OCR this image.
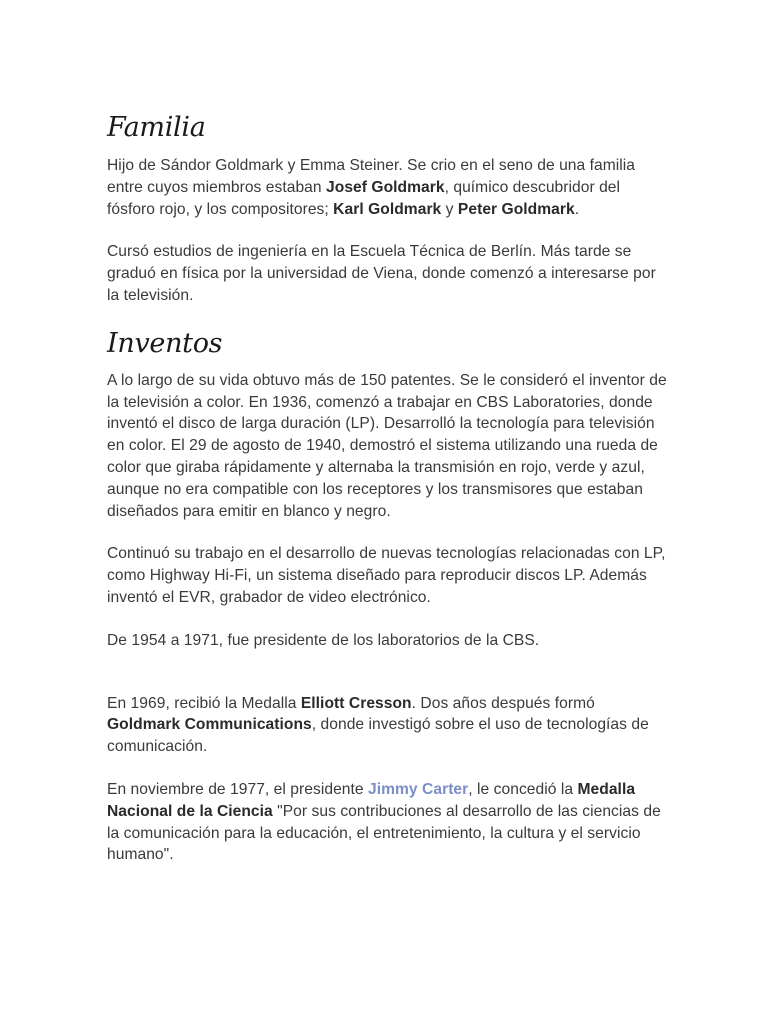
Familia

Hijo de Sándor Goldmark y Emma Steiner. Se crio en el seno de una familia entre cuyos miembros estaban Josef Goldmark, químico descubridor del fósforo rojo, y los compositores; Karl Goldmark y Peter Goldmark.

Cursó estudios de ingeniería en la Escuela Técnica de Berlín. Más tarde se graduó en física por la universidad de Viena, donde comenzó a interesarse por la televisión.

Inventos

A lo largo de su vida obtuvo más de 150 patentes. Se le consideró el inventor de la televisión a color. En 1936, comenzó a trabajar en CBS Laboratories, donde inventó el disco de larga duración (LP). Desarrolló la tecnología para televisión en color. El 29 de agosto de 1940, demostró el sistema utilizando una rueda de color que giraba rápidamente y alternaba la transmisión en rojo, verde y azul, aunque no era compatible con los receptores y los transmisores que estaban diseñados para emitir en blanco y negro.

Continuó su trabajo en el desarrollo de nuevas tecnologías relacionadas con LP, como Highway Hi-Fi, un sistema diseñado para reproducir discos LP. Además inventó el EVR, grabador de video electrónico.

De 1954 a 1971, fue presidente de los laboratorios de la CBS.

En 1969, recibió la Medalla Elliott Cresson. Dos años después formó Goldmark Communications, donde investigó sobre el uso de tecnologías de comunicación.

En noviembre de 1977, el presidente Jimmy Carter, le concedió la Medalla Nacional de la Ciencia "Por sus contribuciones al desarrollo de las ciencias de la comunicación para la educación, el entretenimiento, la cultura y el servicio humano".
